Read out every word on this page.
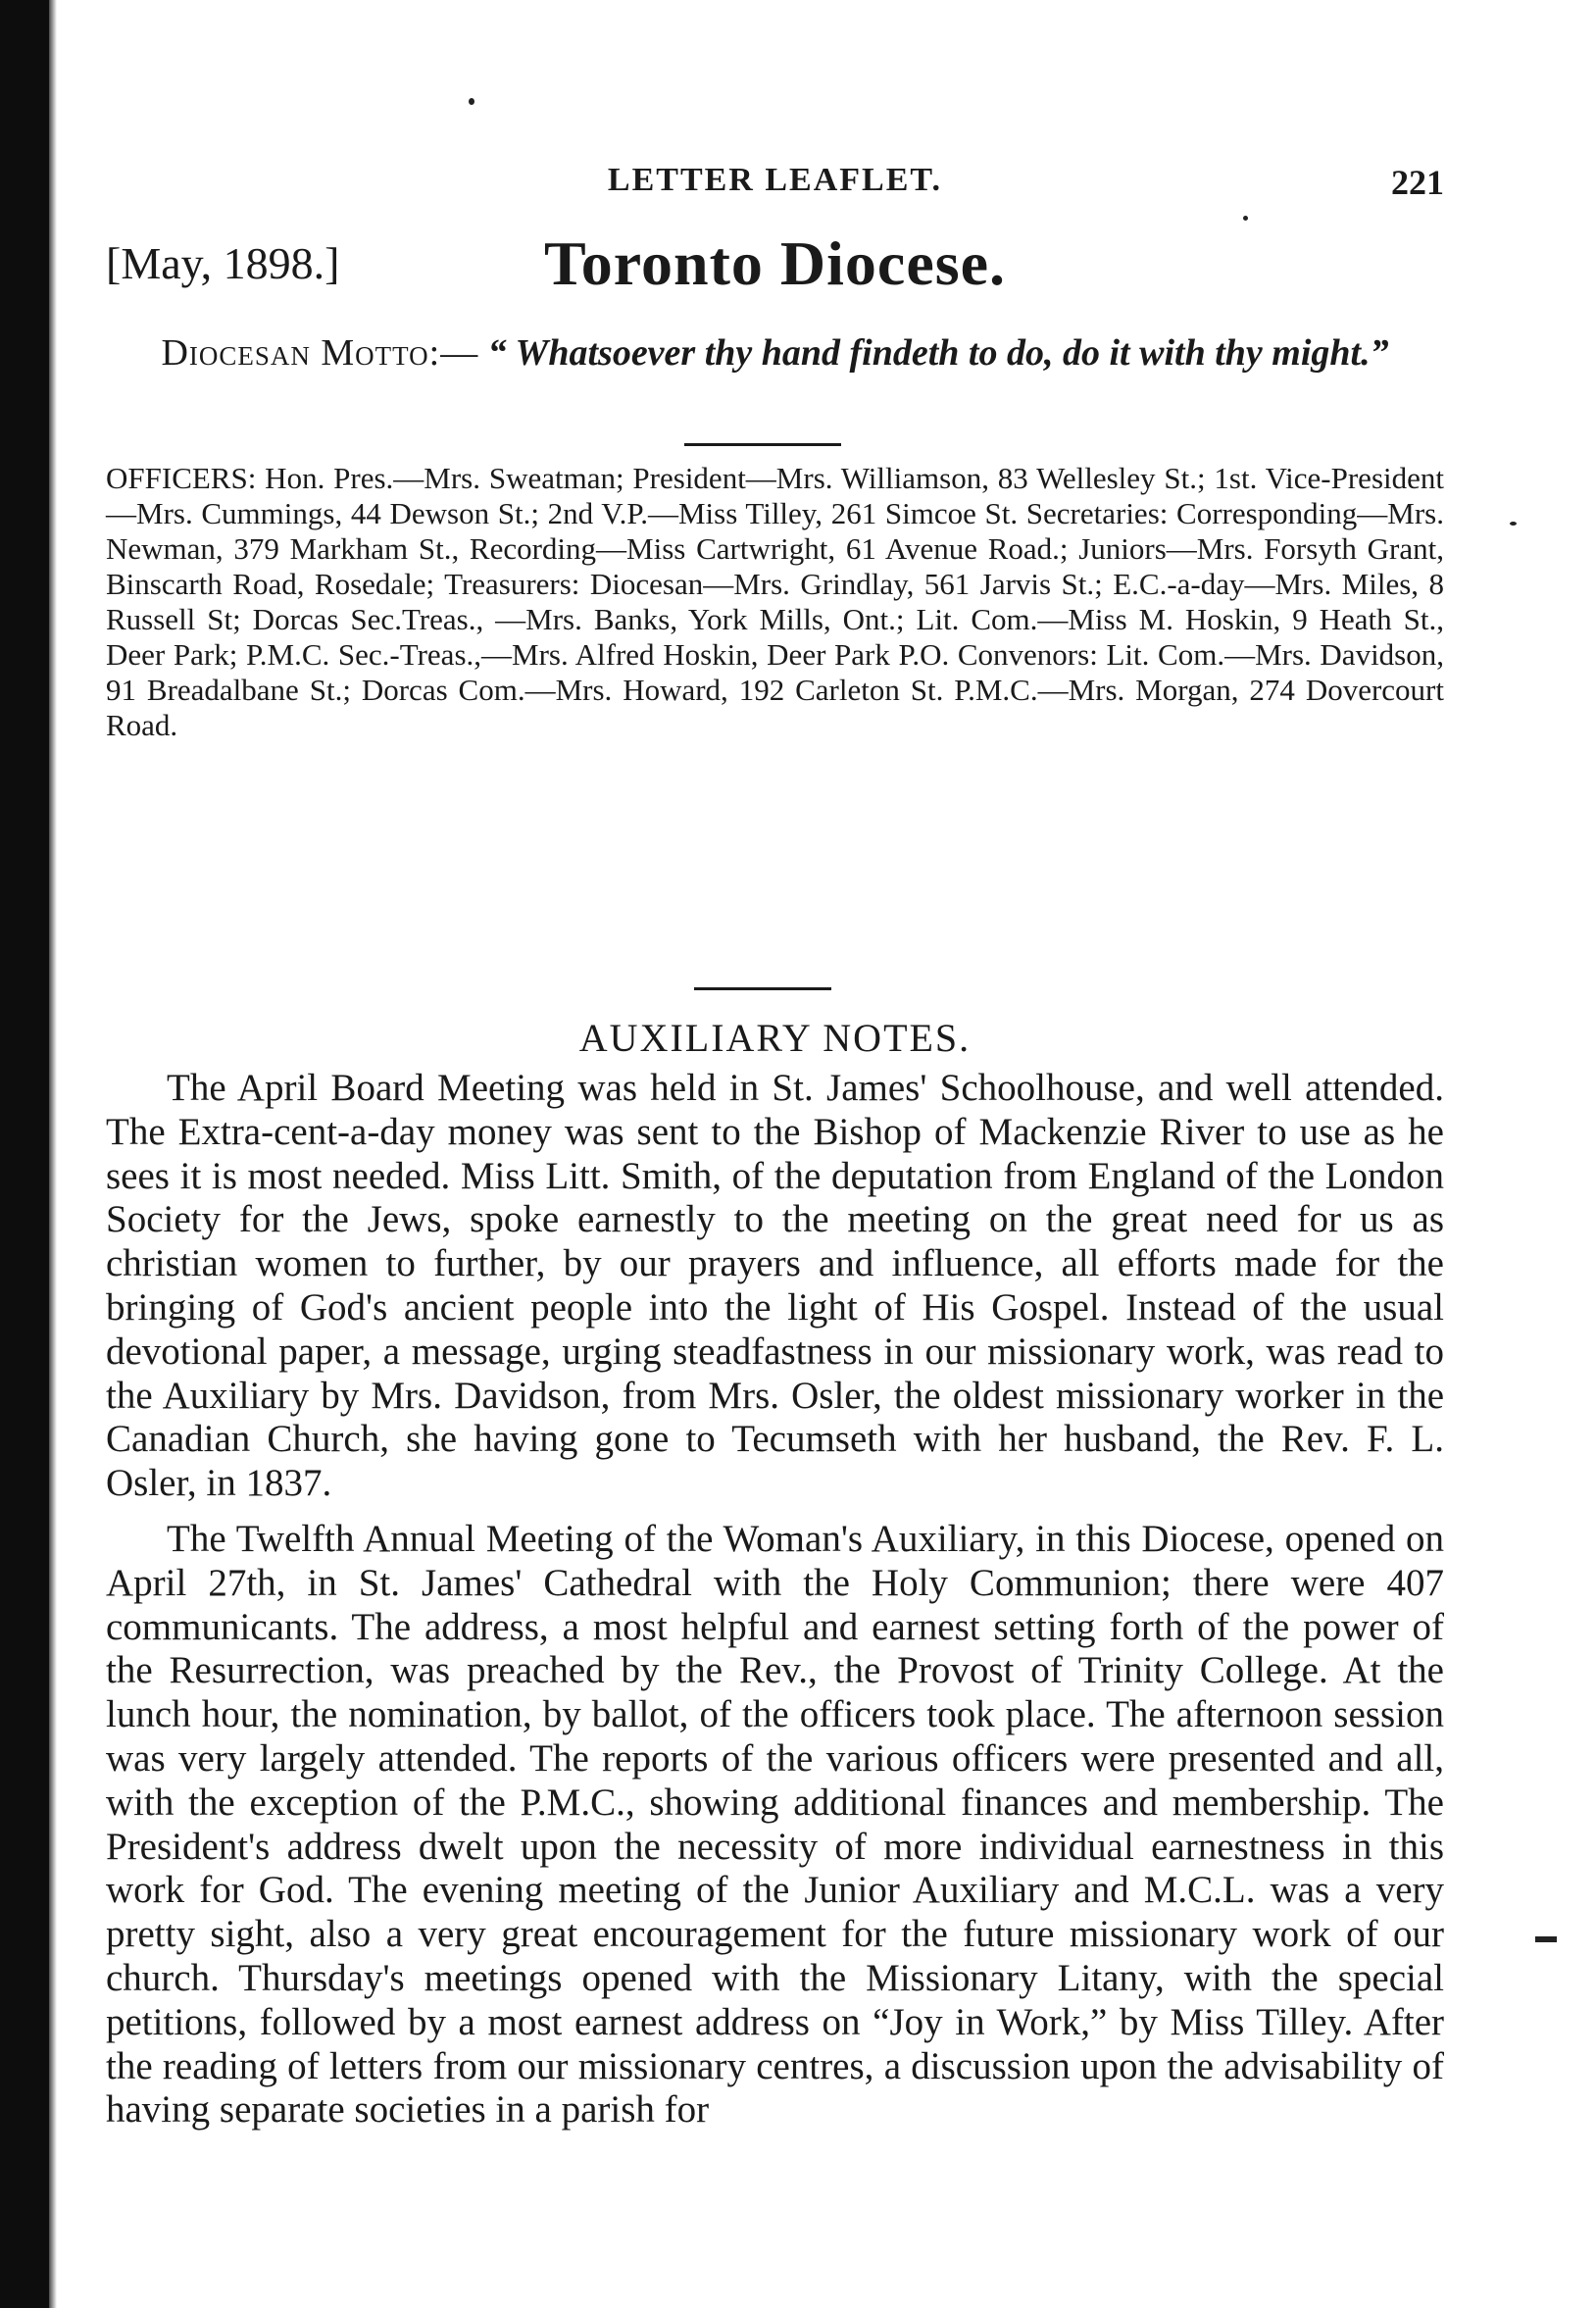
LETTER LEAFLET.	221
[May, 1898.]	Toronto Diocese.
Diocesan Motto:— “ Whatsoever thy hand findeth to do, do it with thy might.”
OFFICERS: Hon. Pres.—Mrs. Sweatman; President—Mrs. Williamson, 83 Wellesley St.; 1st. Vice-President—Mrs. Cummings, 44 Dewson St.; 2nd V.P.—Miss Tilley, 261 Simcoe St. Secretaries: Corresponding—Mrs. Newman, 379 Markham St., Recording—Miss Cartwright, 61 Avenue Road.; Juniors—Mrs. Forsyth Grant, Binscarth Road, Rosedale; Treasurers: Diocesan—Mrs. Grindlay, 561 Jarvis St.; E.C.-a-day—Mrs. Miles, 8 Russell St; Dorcas Sec.Treas., —Mrs. Banks, York Mills, Ont.; Lit. Com.—Miss M. Hoskin, 9 Heath St., Deer Park; P.M.C. Sec.-Treas.,—Mrs. Alfred Hoskin, Deer Park P.O. Convenors: Lit. Com.—Mrs. Davidson, 91 Breadalbane St.; Dorcas Com.—Mrs. Howard, 192 Carleton St. P.M.C.—Mrs. Morgan, 274 Dovercourt Road.
AUXILIARY NOTES.

The April Board Meeting was held in St. James' Schoolhouse, and well attended. The Extra-cent-a-day money was sent to the Bishop of Mackenzie River to use as he sees it is most needed. Miss Litt. Smith, of the deputation from England of the London Society for the Jews, spoke earnestly to the meeting on the great need for us as christian women to further, by our prayers and influence, all efforts made for the bringing of God's ancient people into the light of His Gospel. Instead of the usual devotional paper, a message, urging steadfastness in our missionary work, was read to the Auxiliary by Mrs. Davidson, from Mrs. Osler, the oldest missionary worker in the Canadian Church, she having gone to Tecumseth with her husband, the Rev. F. L. Osler, in 1837.

The Twelfth Annual Meeting of the Woman's Auxiliary, in this Diocese, opened on April 27th, in St. James' Cathedral with the Holy Communion; there were 407 communicants. The address, a most helpful and earnest setting forth of the power of the Resurrection, was preached by the Rev., the Provost of Trinity College. At the lunch hour, the nomination, by ballot, of the officers took place. The afternoon session was very largely attended. The reports of the various officers were presented and all, with the exception of the P.M.C., showing additional finances and membership. The President's address dwelt upon the necessity of more individual earnestness in this work for God. The evening meeting of the Junior Auxiliary and M.C.L. was a very pretty sight, also a very great encouragement for the future missionary work of our church. Thursday's meetings opened with the Missionary Litany, with the special petitions, followed by a most earnest address on “Joy in Work,” by Miss Tilley. After the reading of letters from our missionary centres, a discussion upon the advisability of having separate societies in a parish for
